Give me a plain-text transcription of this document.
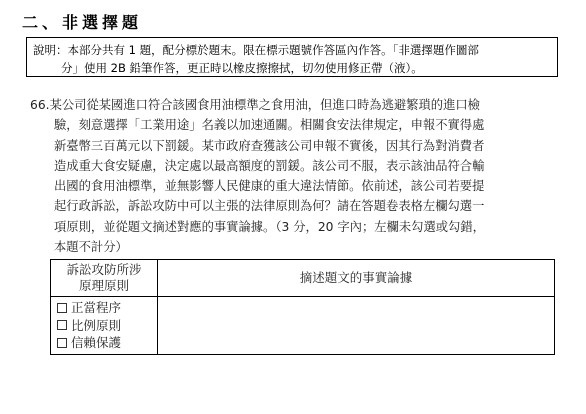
二、非選擇題
說明：本部分共有 1 題，配分標於題末。限在標示題號作答區內作答。「非選擇題作圖部
分」使用 2B 鉛筆作答，更正時以橡皮擦擦拭，切勿使用修正帶（液）。
66.某公司從某國進口符合該國食用油標準之食用油，但進口時為逃避繁瑣的進口檢
驗，刻意選擇「工業用途」名義以加速通關。相關食安法律規定，申報不實得處
新臺幣三百萬元以下罰鍰。某市政府查獲該公司申報不實後，因其行為對消費者
造成重大食安疑慮，決定處以最高額度的罰鍰。該公司不服，表示該油品符合輸
出國的食用油標準，並無影響人民健康的重大違法情節。依前述，該公司若要提
起行政訴訟，訴訟攻防中可以主張的法律原則為何？請在答題卷表格左欄勾選一
項原則，並從題文摘述對應的事實論據。（3 分，20 字內；左欄未勾選或勾錯，
本題不計分）
訴訟攻防所涉
原理原則	摘述題文的事實論據

正當程序
比例原則
信賴保護	
